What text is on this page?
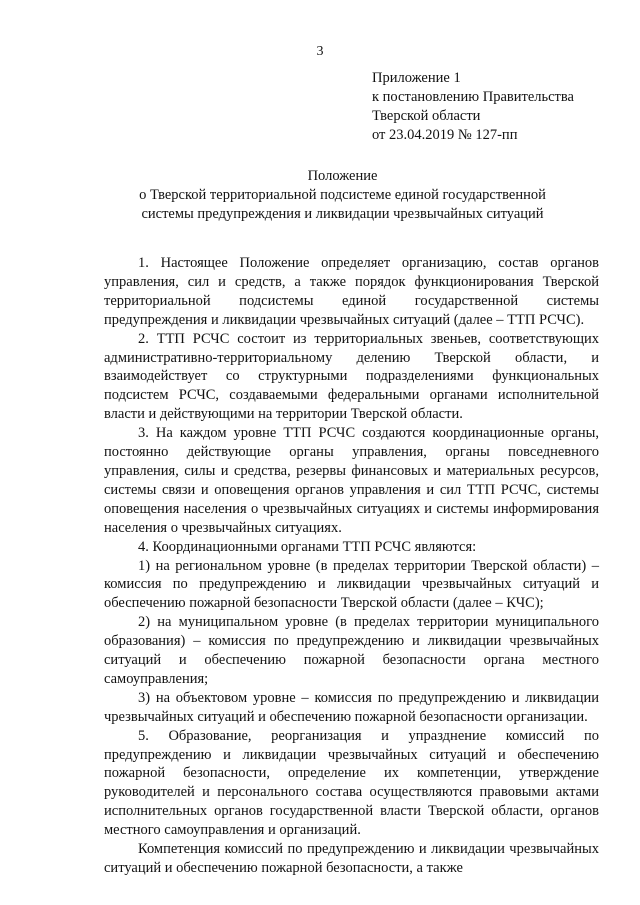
3
Приложение 1
к постановлению Правительства
Тверской области
от 23.04.2019 № 127-пп
Положение
о Тверской территориальной подсистеме единой государственной
системы предупреждения и ликвидации чрезвычайных ситуаций

1. Настоящее Положение определяет организацию, состав органов управления, сил и средств, а также порядок функционирования Тверской территориальной подсистемы единой государственной системы предупреждения и ликвидации чрезвычайных ситуаций (далее – ТТП РСЧС).

2. ТТП РСЧС состоит из территориальных звеньев, соответствующих административно-территориальному делению Тверской области, и взаимодействует со структурными подразделениями функциональных подсистем РСЧС, создаваемыми федеральными органами исполнительной власти и действующими на территории Тверской области.

3. На каждом уровне ТТП РСЧС создаются координационные органы, постоянно действующие органы управления, органы повседневного управления, силы и средства, резервы финансовых и материальных ресурсов, системы связи и оповещения органов управления и сил ТТП РСЧС, системы оповещения населения о чрезвычайных ситуациях и системы информирования населения о чрезвычайных ситуациях.

4. Координационными органами ТТП РСЧС являются:

1) на региональном уровне (в пределах территории Тверской области) – комиссия по предупреждению и ликвидации чрезвычайных ситуаций и обеспечению пожарной безопасности Тверской области (далее – КЧС);

2) на муниципальном уровне (в пределах территории муниципального образования) – комиссия по предупреждению и ликвидации чрезвычайных ситуаций и обеспечению пожарной безопасности органа местного самоуправления;

3) на объектовом уровне – комиссия по предупреждению и ликвидации чрезвычайных ситуаций и обеспечению пожарной безопасности организации.

5. Образование, реорганизация и упразднение комиссий по предупреждению и ликвидации чрезвычайных ситуаций и обеспечению пожарной безопасности, определение их компетенции, утверждение руководителей и персонального состава осуществляются правовыми актами исполнительных органов государственной власти Тверской области, органов местного самоуправления и организаций.

Компетенция комиссий по предупреждению и ликвидации чрезвычайных ситуаций и обеспечению пожарной безопасности, а также
